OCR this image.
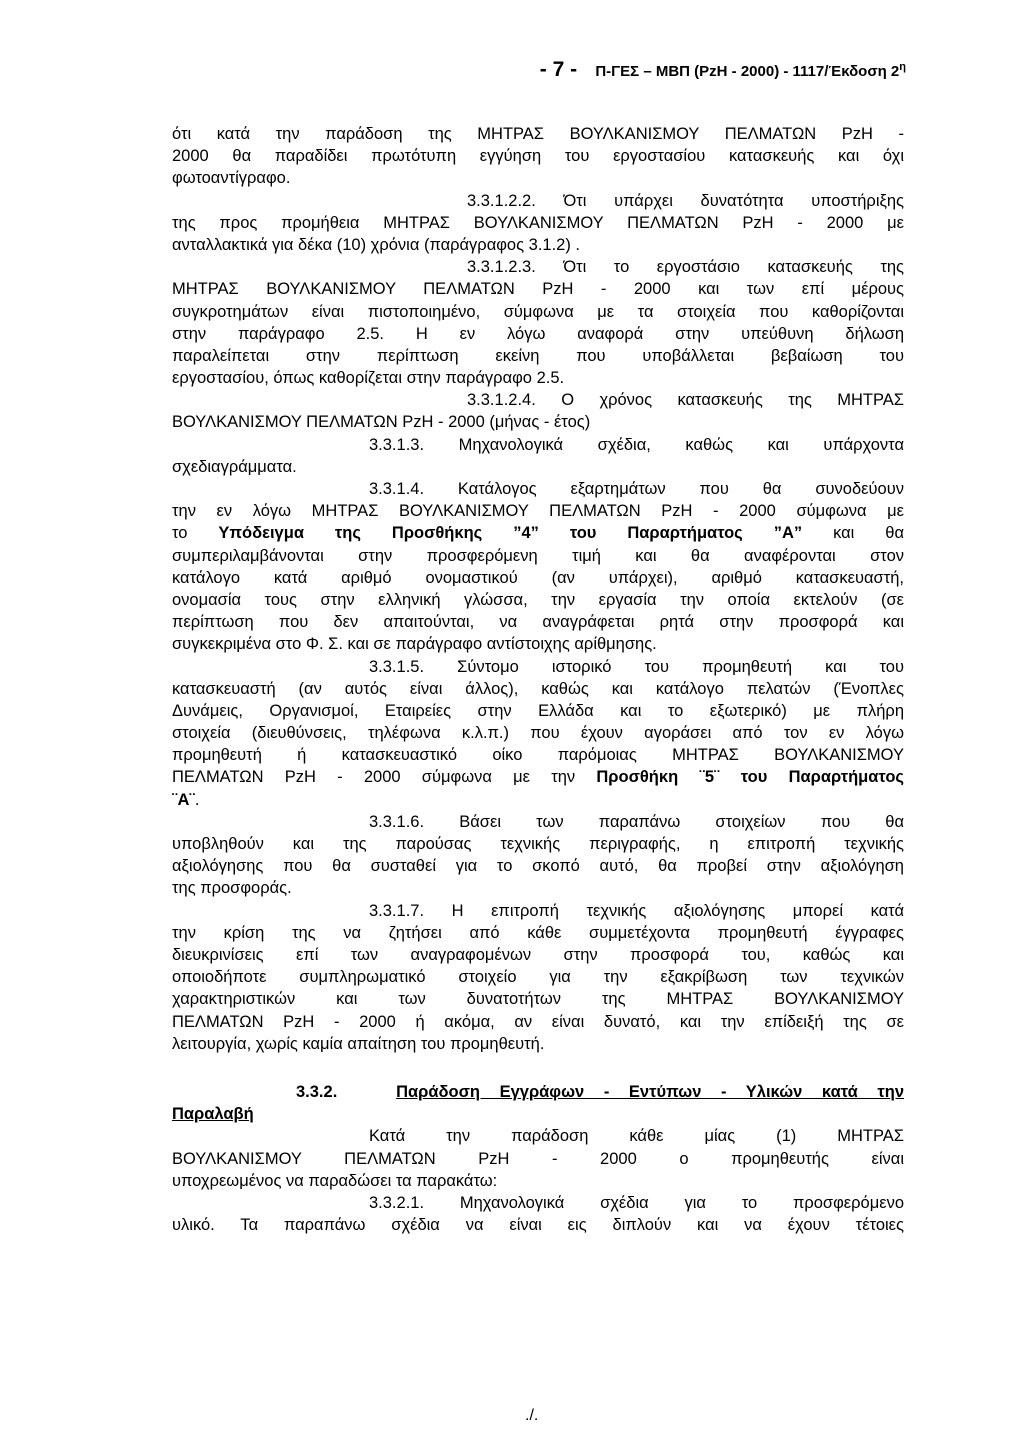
- 7 - Π-ΓΕΣ – ΜΒΠ (ΡzΗ - 2000) - 1117/Έκδοση $2^\eta$
ότι κατά την παράδοση της ΜΗΤΡΑΣ ΒΟΥΛΚΑΝΙΣΜΟΥ ΠΕΛΜΑΤΩΝ ΡzΗ -
2000 θα παραδίδει πρωτότυπη εγγύηση του εργοστασίου κατασκευής και όχι
φωτοαντίγραφο.
3.3.1.2.2. Ότι υπάρχει δυνατότητα υποστήριξης
της προς προμήθεια ΜΗΤΡΑΣ ΒΟΥΛΚΑΝΙΣΜΟΥ ΠΕΛΜΑΤΩΝ ΡzΗ - 2000 με
ανταλλακτικά για δέκα (10) χρόνια (παράγραφος 3.1.2) .
3.3.1.2.3. Ότι το εργοστάσιο κατασκευής της
ΜΗΤΡΑΣ ΒΟΥΛΚΑΝΙΣΜΟΥ ΠΕΛΜΑΤΩΝ ΡzΗ - 2000 και των επί μέρους
συγκροτημάτων είναι πιστοποιημένο, σύμφωνα με τα στοιχεία που καθορίζονται
στην παράγραφο 2.5. Η εν λόγω αναφορά στην υπεύθυνη δήλωση
παραλείπεται στην περίπτωση εκείνη που υποβάλλεται βεβαίωση του
εργοστασίου, όπως καθορίζεται στην παράγραφο 2.5.
3.3.1.2.4. Ο χρόνος κατασκευής της ΜΗΤΡΑΣ
ΒΟΥΛΚΑΝΙΣΜΟΥ ΠΕΛΜΑΤΩΝ ΡzΗ - 2000 (μήνας - έτος)
3.3.1.3. Μηχανολογικά σχέδια, καθώς και υπάρχοντα
σχεδιαγράμματα.
3.3.1.4. Κατάλογος εξαρτημάτων που θα συνοδεύουν
την εν λόγω ΜΗΤΡΑΣ ΒΟΥΛΚΑΝΙΣΜΟΥ ΠΕΛΜΑΤΩΝ ΡzΗ - 2000 σύμφωνα με
το Υπόδειγμα της Προσθήκης ”4” του Παραρτήματος ”Α” και θα
συμπεριλαμβάνονται στην προσφερόμενη τιμή και θα αναφέρονται στον
κατάλογο κατά αριθμό ονομαστικού (αν υπάρχει), αριθμό κατασκευαστή,
ονομασία τους στην ελληνική γλώσσα, την εργασία την οποία εκτελούν (σε
περίπτωση που δεν απαιτούνται, να αναγράφεται ρητά στην προσφορά και
συγκεκριμένα στο Φ. Σ. και σε παράγραφο αντίστοιχης αρίθμησης.
3.3.1.5. Σύντομο ιστορικό του προμηθευτή και του
κατασκευαστή (αν αυτός είναι άλλος), καθώς και κατάλογο πελατών (Ένοπλες
Δυνάμεις, Οργανισμοί, Εταιρείες στην Ελλάδα και το εξωτερικό) με πλήρη
στοιχεία (διευθύνσεις, τηλέφωνα κ.λ.π.) που έχουν αγοράσει από τον εν λόγω
προμηθευτή ή κατασκευαστικό οίκο παρόμοιας ΜΗΤΡΑΣ ΒΟΥΛΚΑΝΙΣΜΟΥ
ΠΕΛΜΑΤΩΝ ΡzΗ - 2000 σύμφωνα με την Προσθήκη ¨5¨ του Παραρτήματος
¨Α¨.
3.3.1.6. Βάσει των παραπάνω στοιχείων που θα
υποβληθούν και της παρούσας τεχνικής περιγραφής, η επιτροπή τεχνικής
αξιολόγησης που θα συσταθεί για το σκοπό αυτό, θα προβεί στην αξιολόγηση
της προσφοράς.
3.3.1.7. Η επιτροπή τεχνικής αξιολόγησης μπορεί κατά
την κρίση της να ζητήσει από κάθε συμμετέχοντα προμηθευτή έγγραφες
διευκρινίσεις επί των αναγραφομένων στην προσφορά του, καθώς και
οποιοδήποτε συμπληρωματικό στοιχείο για την εξακρίβωση των τεχνικών
χαρακτηριστικών και των δυνατοτήτων της ΜΗΤΡΑΣ ΒΟΥΛΚΑΝΙΣΜΟΥ
ΠΕΛΜΑΤΩΝ ΡzΗ - 2000 ή ακόμα, αν είναι δυνατό, και την επίδειξή της σε
λειτουργία, χωρίς καμία απαίτηση του προμηθευτή.
3.3.2.	Παράδοση Εγγράφων - Εντύπων - Υλικών κατά την
Παραλαβή
Κατά την παράδοση κάθε μίας (1) ΜΗΤΡΑΣ
ΒΟΥΛΚΑΝΙΣΜΟΥ ΠΕΛΜΑΤΩΝ ΡzΗ - 2000 ο προμηθευτής είναι
υποχρεωμένος να παραδώσει τα παρακάτω:
3.3.2.1. Μηχανολογικά σχέδια για το προσφερόμενο
υλικό. Τα παραπάνω σχέδια να είναι εις διπλούν και να έχουν τέτοιες
./.
